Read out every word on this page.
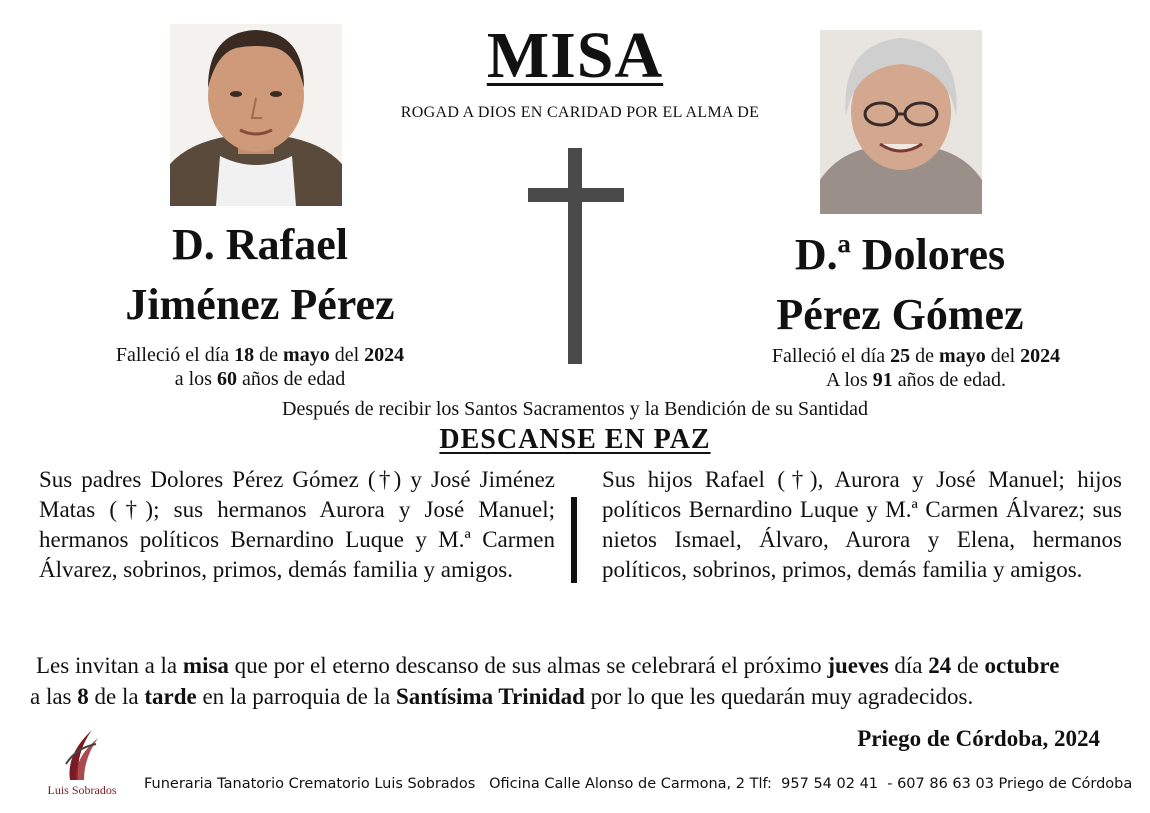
MISA
ROGAD A DIOS EN CARIDAD POR EL ALMA DE
D. Rafael
Jiménez Pérez
Falleció el día 18 de mayo del 2024
a los 60 años de edad
D.ª Dolores
Pérez Gómez
Falleció el día 25 de mayo del 2024
A los 91 años de edad.
Después de recibir los Santos Sacramentos y la Bendición de su Santidad
DESCANSE EN PAZ
Sus padres Dolores Pérez Gómez (†) y José Jiménez Matas (†); sus hermanos Aurora y José Manuel; hermanos políticos Bernardino Luque y M.ª Carmen Álvarez, sobrinos, primos, demás familia y amigos.
Sus hijos Rafael (†), Aurora y José Manuel; hijos políticos Bernardino Luque y M.ª Carmen Álvarez; sus nietos Ismael, Álvaro, Aurora y Elena, hermanos políticos, sobrinos, primos, demás familia y amigos.
Les invitan a la misa que por el eterno descanso de sus almas se celebrará el próximo jueves día 24 de octubre
a las 8 de la tarde en la parroquia de la Santísima Trinidad por lo que les quedarán muy agradecidos.
Priego de Córdoba, 2024
Luis Sobrados	Funeraria Tanatorio Crematorio Luis Sobrados Oficina Calle Alonso de Carmona, 2 Tlf:  957 54 02 41  - 607 86 63 03 Priego de Córdoba
